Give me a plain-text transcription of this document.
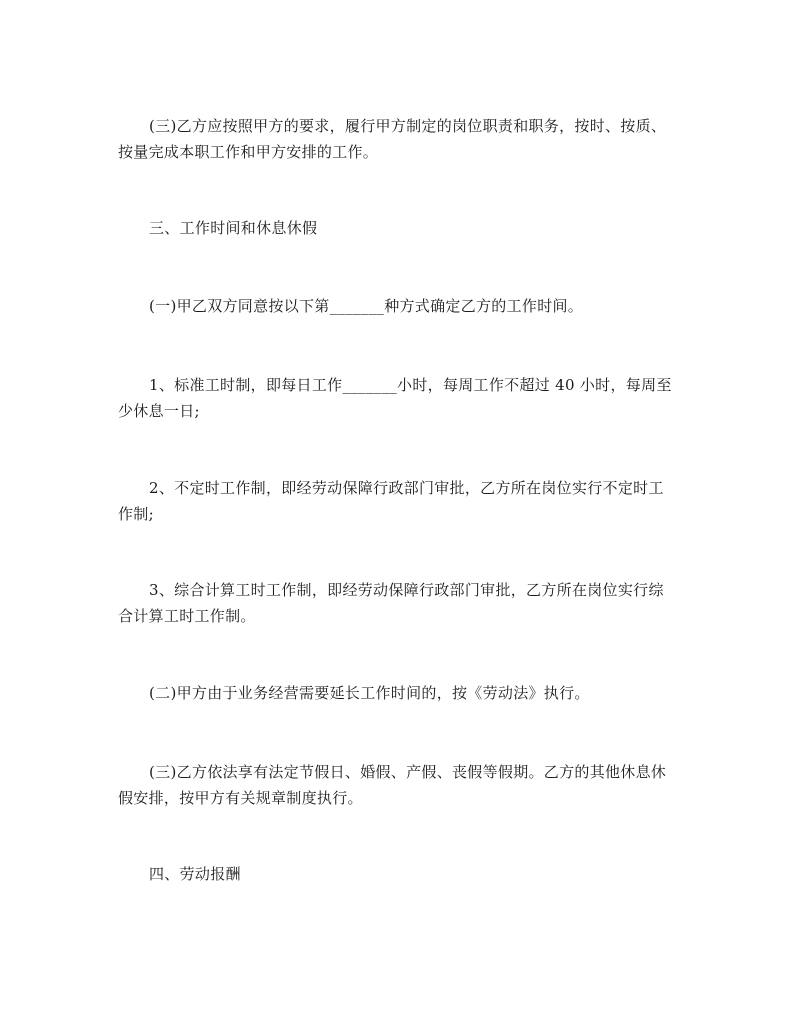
(三)乙方应按照甲方的要求，履行甲方制定的岗位职责和职务，按时、按质、
按量完成本职工作和甲方安排的工作。
三、工作时间和休息休假
(一)甲乙双方同意按以下第_______种方式确定乙方的工作时间。
1、标准工时制，即每日工作_______小时，每周工作不超过 40 小时，每周至
少休息一日;
2、不定时工作制，即经劳动保障行政部门审批，乙方所在岗位实行不定时工
作制;
3、综合计算工时工作制，即经劳动保障行政部门审批，乙方所在岗位实行综
合计算工时工作制。
(二)甲方由于业务经营需要延长工作时间的，按《劳动法》执行。
(三)乙方依法享有法定节假日、婚假、产假、丧假等假期。乙方的其他休息休
假安排，按甲方有关规章制度执行。
四、劳动报酬
